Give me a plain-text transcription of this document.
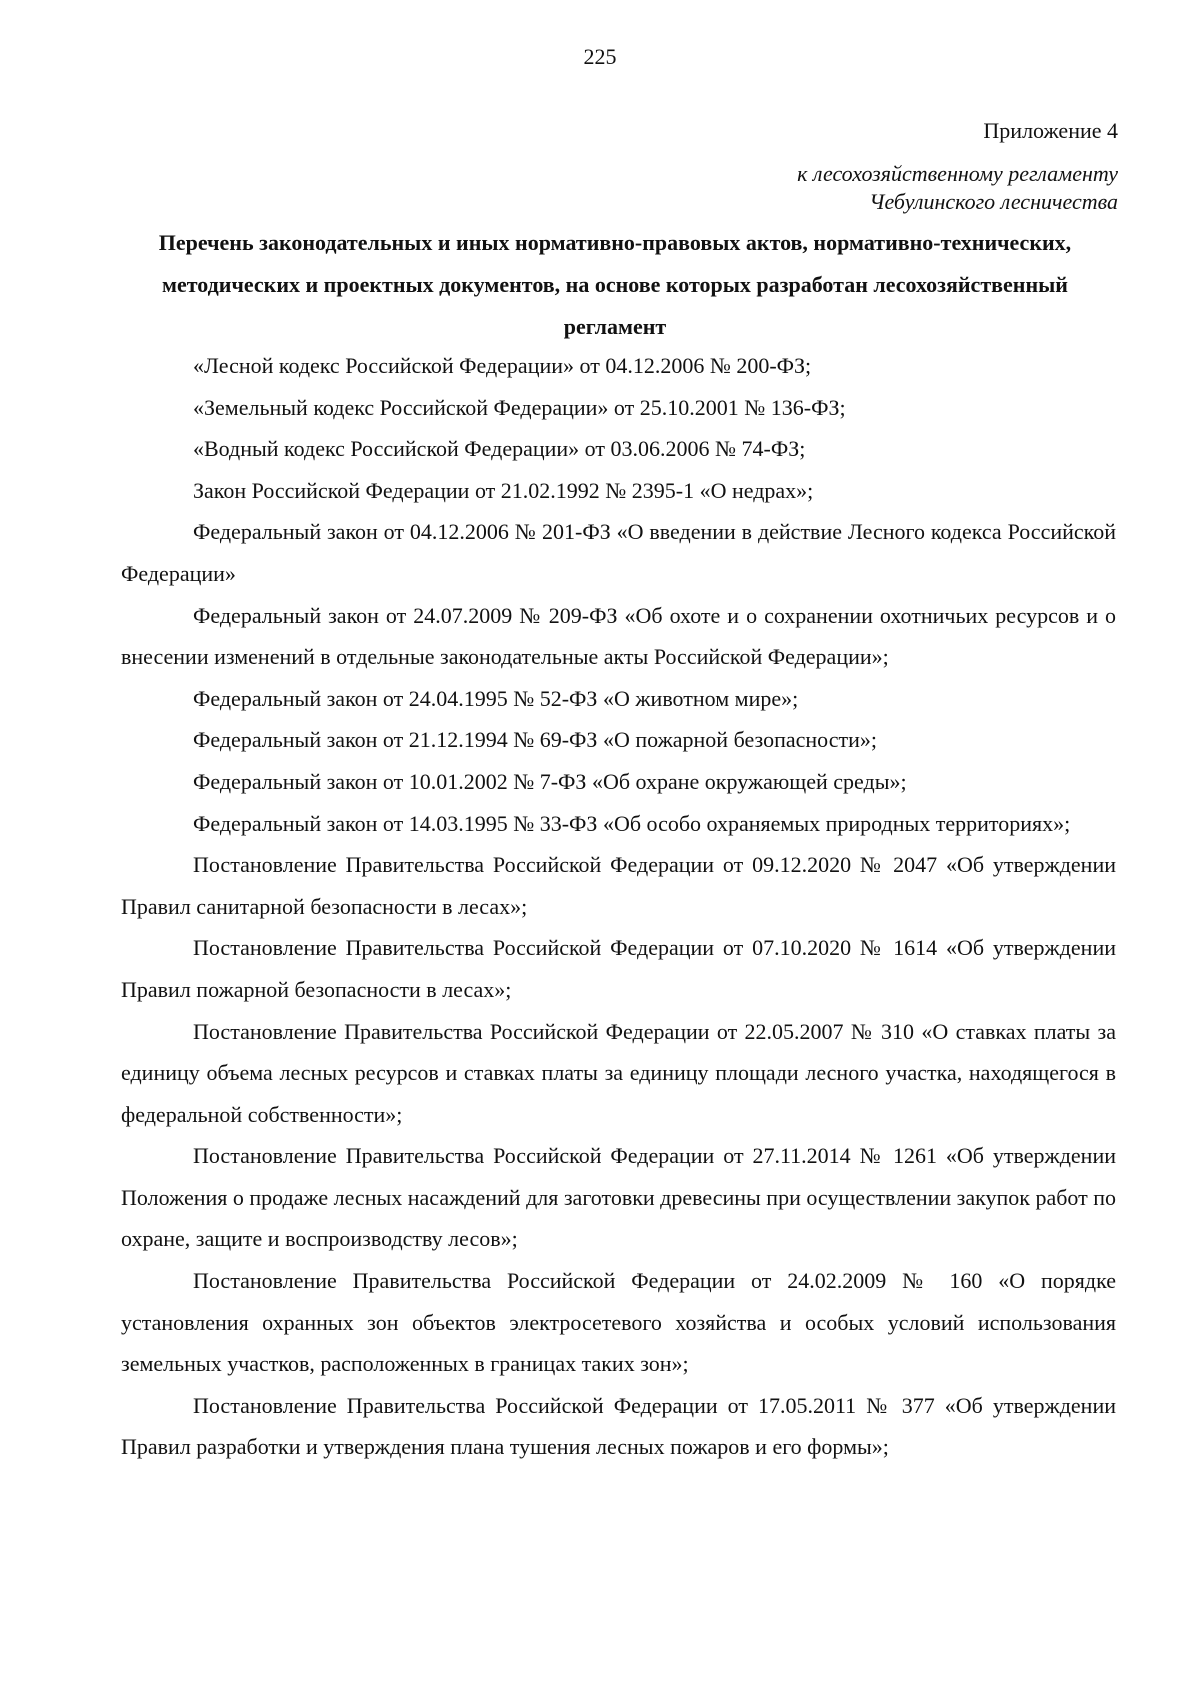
225
Приложение 4
к лесохозяйственному регламенту
Чебулинского лесничества
Перечень законодательных и иных нормативно-правовых актов, нормативно-технических, методических и проектных документов, на основе которых разработан лесохозяйственный регламент

«Лесной кодекс Российской Федерации» от 04.12.2006 № 200-ФЗ;

«Земельный кодекс Российской Федерации» от 25.10.2001 № 136-ФЗ;

«Водный кодекс Российской Федерации» от 03.06.2006 № 74-ФЗ;

Закон Российской Федерации от 21.02.1992 № 2395-1 «О недрах»;

Федеральный закон от 04.12.2006 № 201-ФЗ «О введении в действие Лесного кодекса Российской Федерации»

Федеральный закон от 24.07.2009 № 209-ФЗ «Об охоте и о сохранении охотничьих ресурсов и о внесении изменений в отдельные законодательные акты Российской Федерации»;

Федеральный закон от 24.04.1995 № 52-ФЗ «О животном мире»;

Федеральный закон от 21.12.1994 № 69-ФЗ «О пожарной безопасности»;

Федеральный закон от 10.01.2002 № 7-ФЗ «Об охране окружающей среды»;

Федеральный закон от 14.03.1995 № 33-ФЗ «Об особо охраняемых природных территориях»;

Постановление Правительства Российской Федерации от 09.12.2020 № 2047 «Об утверждении Правил санитарной безопасности в лесах»;

Постановление Правительства Российской Федерации от 07.10.2020 № 1614 «Об утверждении Правил пожарной безопасности в лесах»;

Постановление Правительства Российской Федерации от 22.05.2007 № 310 «О ставках платы за единицу объема лесных ресурсов и ставках платы за единицу площади лесного участка, находящегося в федеральной собственности»;

Постановление Правительства Российской Федерации от 27.11.2014 № 1261 «Об утверждении Положения о продаже лесных насаждений для заготовки древесины при осуществлении закупок работ по охране, защите и воспроизводству лесов»;

Постановление Правительства Российской Федерации от 24.02.2009 № 160 «О порядке установления охранных зон объектов электросетевого хозяйства и особых условий использования земельных участков, расположенных в границах таких зон»;

Постановление Правительства Российской Федерации от 17.05.2011 № 377 «Об утверждении Правил разработки и утверждения плана тушения лесных пожаров и его формы»;
